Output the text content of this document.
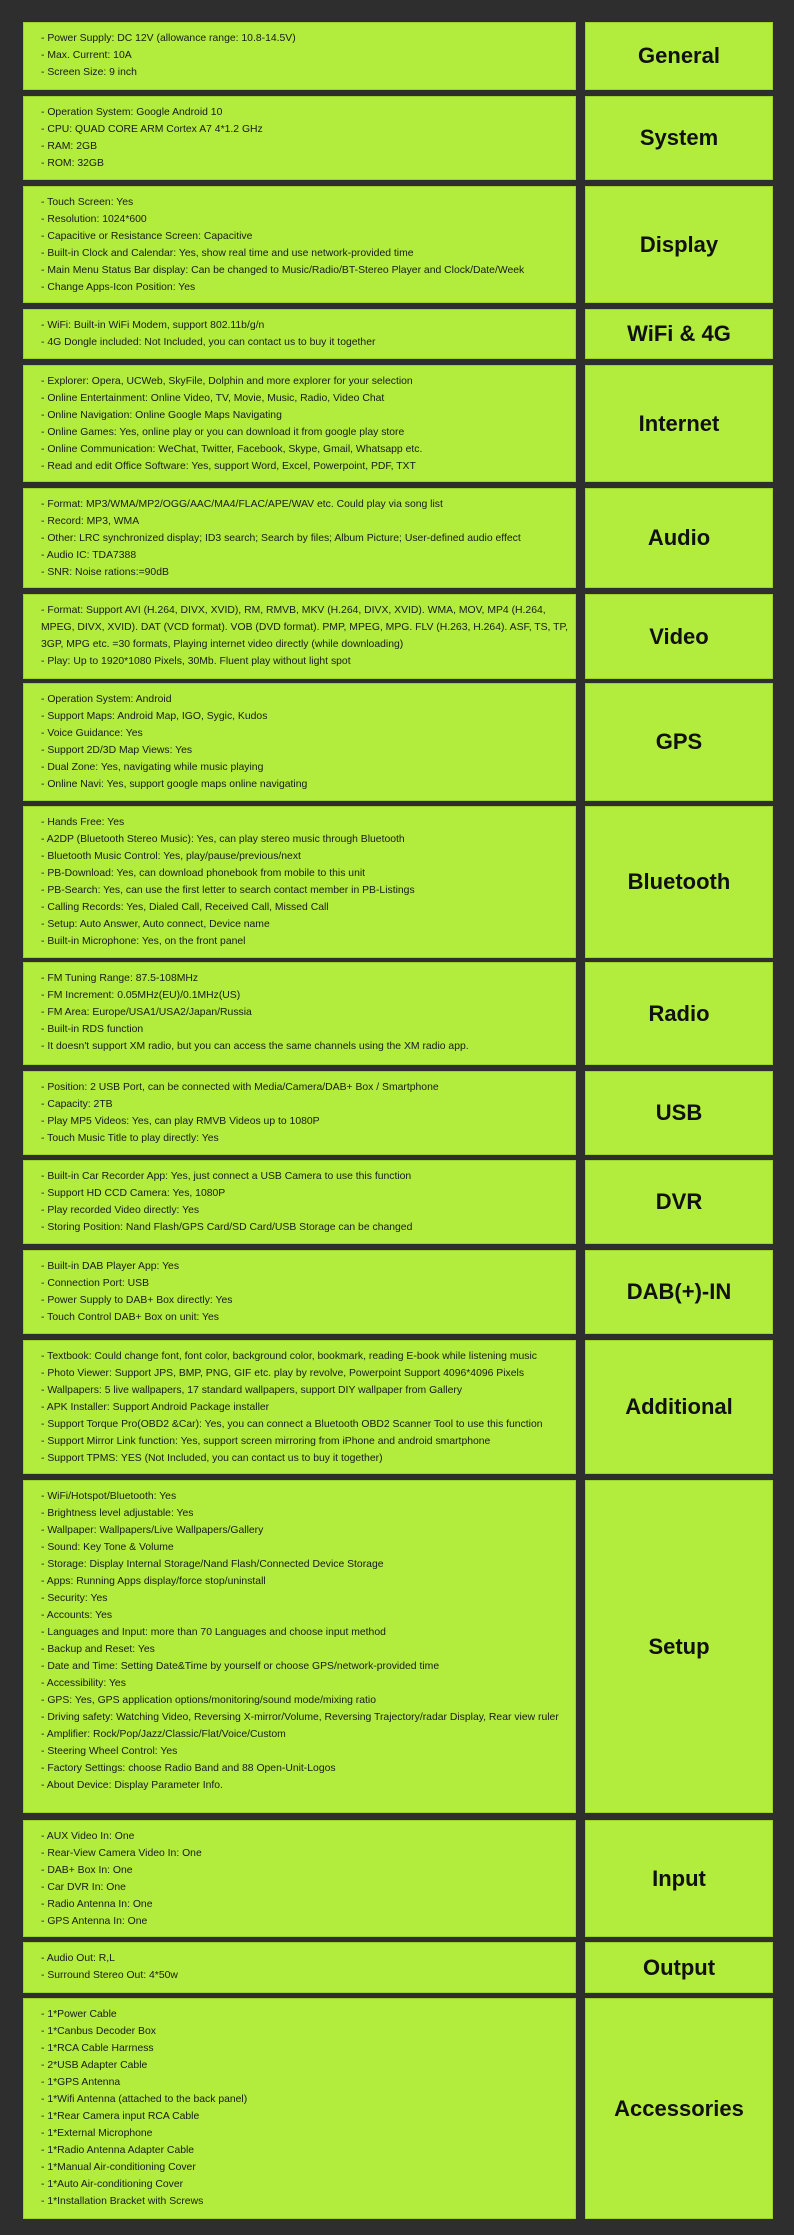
- Power Supply: DC 12V (allowance range: 10.8-14.5V)
- Max. Current: 10A
- Screen Size: 9 inch
General
- Operation System: Google Android 10
- CPU: QUAD CORE ARM Cortex A7 4*1.2 GHz
- RAM: 2GB
- ROM: 32GB
System
- Touch Screen: Yes
- Resolution: 1024*600
- Capacitive or Resistance Screen: Capacitive
- Built-in Clock and Calendar: Yes, show real time and use network-provided time
- Main Menu Status Bar display: Can be changed to Music/Radio/BT-Stereo Player and Clock/Date/Week
- Change Apps-Icon Position: Yes
Display
- WiFi: Built-in WiFi Modem, support 802.11b/g/n
- 4G Dongle included: Not Included, you can contact us to buy it together	WiFi & 4G
- Explorer: Opera, UCWeb, SkyFile, Dolphin and more explorer for your selection
- Online Entertainment: Online Video, TV, Movie, Music, Radio, Video Chat
- Online Navigation: Online Google Maps Navigating
- Online Games: Yes, online play or you can download it from google play store
- Online Communication: WeChat, Twitter, Facebook, Skype, Gmail, Whatsapp etc.
- Read and edit Office Software: Yes, support Word, Excel, Powerpoint, PDF, TXT
Internet
- Format: MP3/WMA/MP2/OGG/AAC/MA4/FLAC/APE/WAV etc. Could play via song list
- Record: MP3, WMA
- Other: LRC synchronized display; ID3 search; Search by files; Album Picture; User-defined audio effect
- Audio IC: TDA7388
- SNR: Noise rations:=90dB
Audio
- Format: Support AVI (H.264, DIVX, XVID), RM, RMVB, MKV (H.264, DIVX, XVID). WMA, MOV, MP4 (H.264, MPEG, DIVX, XVID). DAT (VCD format). VOB (DVD format). PMP, MPEG, MPG. FLV (H.263, H.264). ASF, TS, TP, 3GP, MPG etc. =30 formats, Playing internet video directly (while downloading)
- Play: Up to 1920*1080 Pixels, 30Mb. Fluent play without light spot
Video
- Operation System: Android
- Support Maps: Android Map, IGO, Sygic, Kudos
- Voice Guidance: Yes
- Support 2D/3D Map Views: Yes
- Dual Zone: Yes, navigating while music playing
- Online Navi: Yes, support google maps online navigating
GPS
- Hands Free: Yes
- A2DP (Bluetooth Stereo Music): Yes, can play stereo music through Bluetooth
- Bluetooth Music Control: Yes, play/pause/previous/next
- PB-Download: Yes, can download phonebook from mobile to this unit
- PB-Search: Yes, can use the first letter to search contact member in PB-Listings
- Calling Records: Yes, Dialed Call, Received Call, Missed Call
- Setup: Auto Answer, Auto connect, Device name
- Built-in Microphone: Yes, on the front panel
Bluetooth
- FM Tuning Range: 87.5-108MHz
- FM Increment: 0.05MHz(EU)/0.1MHz(US)
- FM Area: Europe/USA1/USA2/Japan/Russia
- Built-in RDS function
- It doesn't support XM radio, but you can access the same channels using the XM radio app.
Radio
- Position: 2 USB Port, can be connected with Media/Camera/DAB+ Box / Smartphone
- Capacity: 2TB
- Play MP5 Videos: Yes, can play RMVB Videos up to 1080P
- Touch Music Title to play directly: Yes
USB
- Built-in Car Recorder App: Yes, just connect a USB Camera to use this function
- Support HD CCD Camera: Yes, 1080P
- Play recorded Video directly: Yes
- Storing Position: Nand Flash/GPS Card/SD Card/USB Storage can be changed
DVR
- Built-in DAB Player App: Yes
- Connection Port: USB
- Power Supply to DAB+ Box directly: Yes
- Touch Control DAB+ Box on unit: Yes
DAB(+)-IN
- Textbook: Could change font, font color, background color, bookmark, reading E-book while listening music
- Photo Viewer: Support JPS, BMP, PNG, GIF etc. play by revolve, Powerpoint Support 4096*4096 Pixels
- Wallpapers: 5 live wallpapers, 17 standard wallpapers, support DIY wallpaper from Gallery
- APK Installer: Support Android Package installer
- Support Torque Pro(OBD2 &Car): Yes, you can connect a Bluetooth OBD2 Scanner Tool to use this function
- Support Mirror Link function: Yes, support screen mirroring from iPhone and android smartphone
- Support TPMS: YES (Not Included, you can contact us to buy it together)
Additional
- WiFi/Hotspot/Bluetooth: Yes
- Brightness level adjustable: Yes
- Wallpaper: Wallpapers/Live Wallpapers/Gallery
- Sound: Key Tone & Volume
- Storage: Display Internal Storage/Nand Flash/Connected Device Storage
- Apps: Running Apps display/force stop/uninstall
- Security: Yes
- Accounts: Yes
- Languages and Input: more than 70 Languages and choose input method
- Backup and Reset: Yes
- Date and Time: Setting Date&Time by yourself or choose GPS/network-provided time
- Accessibility: Yes
- GPS: Yes, GPS application options/monitoring/sound mode/mixing ratio
- Driving safety: Watching Video, Reversing X-mirror/Volume, Reversing Trajectory/radar Display, Rear view ruler
- Amplifier: Rock/Pop/Jazz/Classic/Flat/Voice/Custom
- Steering Wheel Control: Yes
- Factory Settings: choose Radio Band and 88 Open-Unit-Logos
- About Device: Display Parameter Info.
Setup
- AUX Video In: One
- Rear-View Camera Video In: One
- DAB+ Box In: One
- Car DVR In: One
- Radio Antenna In: One
- GPS Antenna In: One
Input
- Audio Out: R,L
- Surround Stereo Out: 4*50w	Output
- 1*Power Cable
- 1*Canbus Decoder Box
- 1*RCA Cable Harrness
- 2*USB Adapter Cable
- 1*GPS Antenna
- 1*Wifi Antenna (attached to the back panel)
- 1*Rear Camera input RCA Cable
- 1*External Microphone
- 1*Radio Antenna Adapter Cable
- 1*Manual Air-conditioning Cover
- 1*Auto Air-conditioning Cover
- 1*Installation Bracket with Screws
Accessories
